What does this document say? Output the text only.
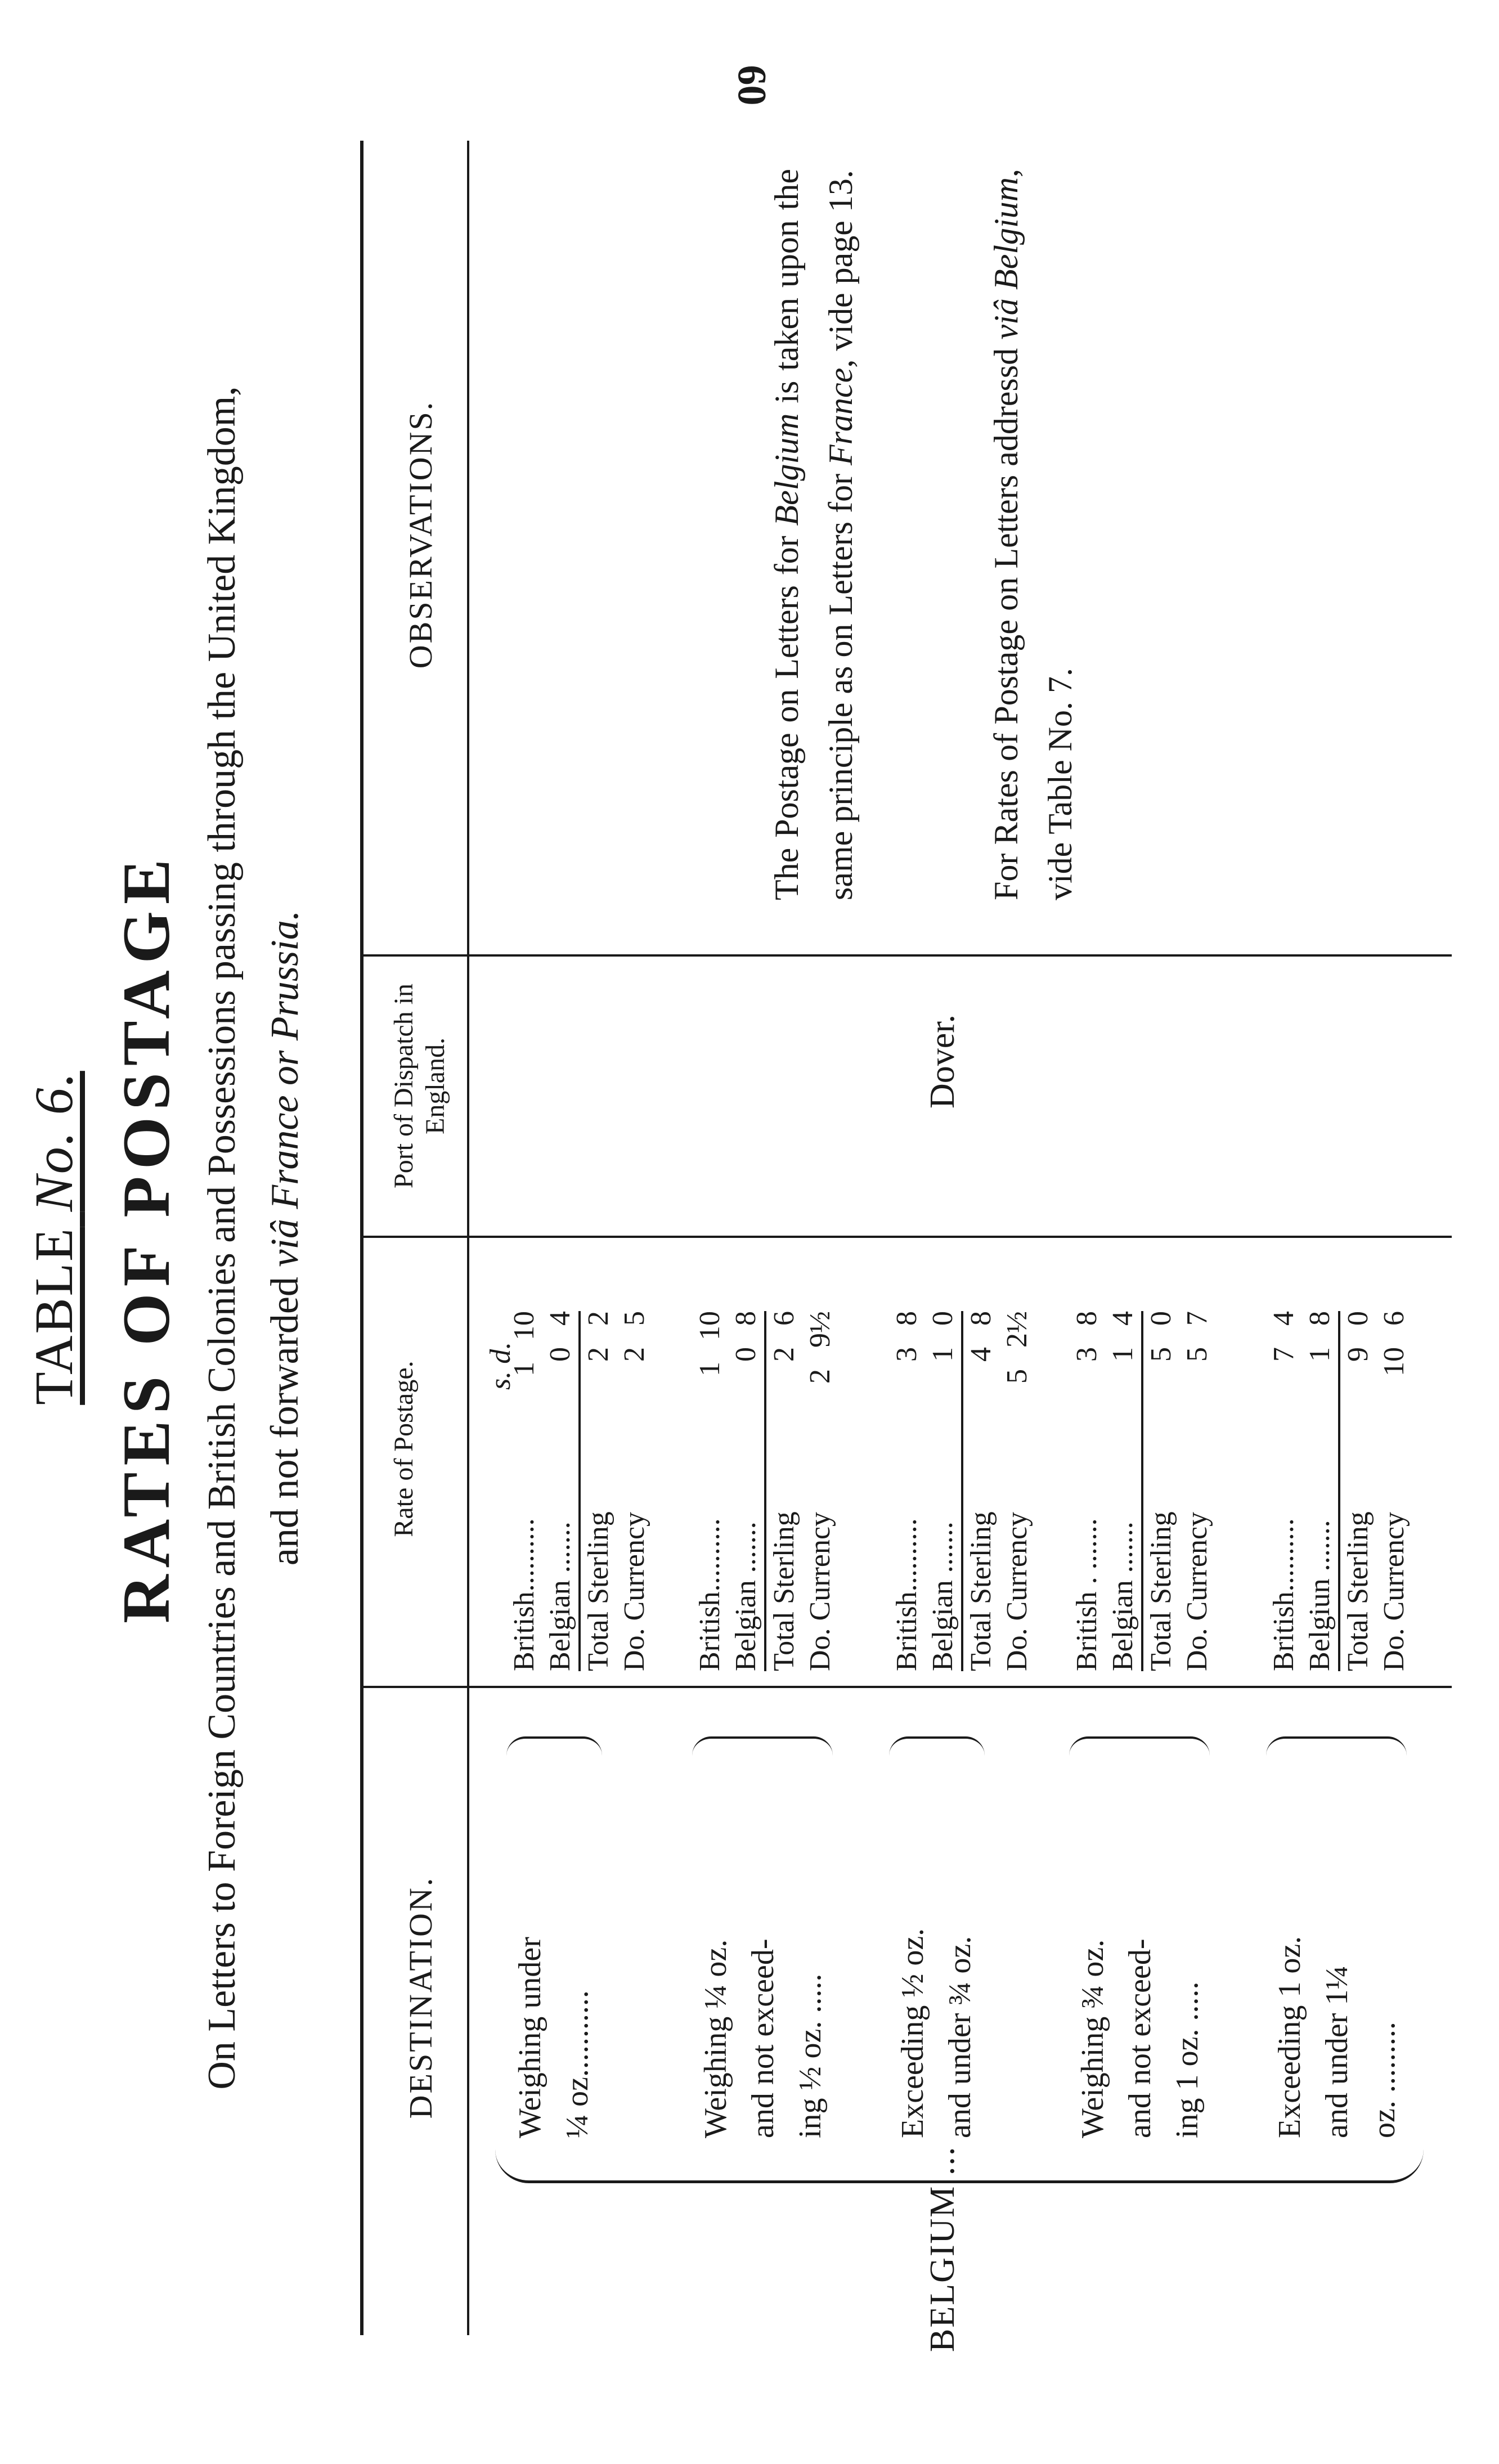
60
TABLE No. 6. RATES OF POSTAGE On Letters to Foreign Countries and British Colonies and Possessions passing through the United Kingdom, and not forwarded viâ France or Prussia.
DESTINATION.
Rate of Postage.
Port of Dispatch in England.
OBSERVATIONS.
s. d.
BELGIUM ...
Weighing under ¼ oz...........
British..........
1
10
Belgian .......
0
4
Total Sterling
2
2
Do. Currency
2
5
Weighing ¼ oz. and not exceed- ing ½ oz. .....
British..........
1
10
Belgian .......
0
8
Total Sterling
2
6
Do. Currency
2
9½
Exceeding ½ oz. and under ¾ oz.
British..........
3
8
Belgian .......
1
0
Total Sterling
4
8
Do. Currency
5
2½
Weighing ¾ oz. and not exceed- ing 1 oz. .....
British . .......
3
8
Belgian .......
1
4
Total Sterling
5
0
Do. Currency
5
7
Exceeding 1 oz. and under 1¼ oz. .........
British..........
7
4
Belgiun .......
1
8
Total Sterling
9
0
Do. Currency
10
6
Dover.
The Postage on Letters for Belgium is taken upon the same principle as on Letters for France, vide page 13.
For Rates of Postage on Letters addressd viâ Belgium, vide Table No. 7.
